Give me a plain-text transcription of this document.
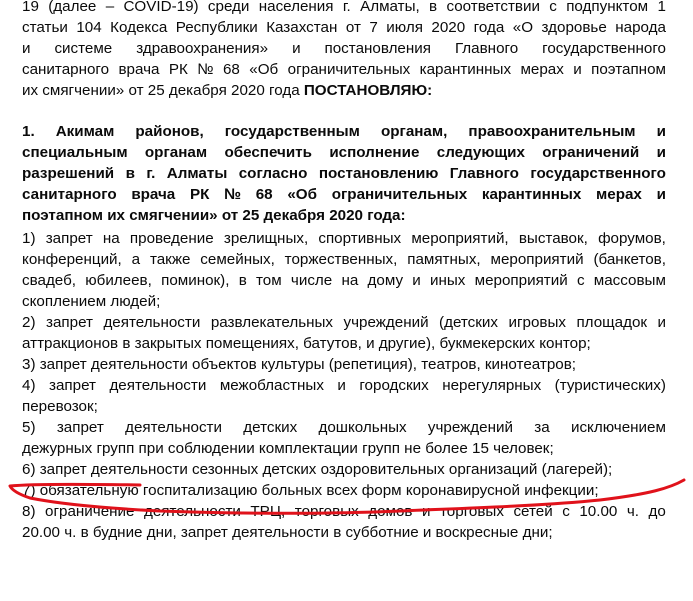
19 (далее – COVID-19) среди населения г. Алматы, в соответствии с подпунктом 1
статьи 104 Кодекса Республики Казахстан от 7 июля 2020 года «О здоровье народа
и системе здравоохранения» и постановления Главного государственного
санитарного врача РК № 68 «Об ограничительных карантинных мерах и поэтапном
их смягчении» от 25 декабря 2020 года ПОСТАНОВЛЯЮ:
1. Акимам районов, государственным органам, правоохранительным и
специальным органам обеспечить исполнение следующих ограничений и
разрешений в г. Алматы согласно постановлению Главного государственного
санитарного врача РК № 68 «Об ограничительных карантинных мерах и
поэтапном их смягчении» от 25 декабря 2020 года:
1) запрет на проведение зрелищных, спортивных мероприятий, выставок, форумов,
конференций, а также семейных, торжественных, памятных, мероприятий (банкетов,
свадеб, юбилеев, поминок), в том числе на дому и иных мероприятий с массовым
скоплением людей;
2) запрет деятельности развлекательных учреждений (детских игровых площадок и
аттракционов в закрытых помещениях, батутов, и другие), букмекерских контор;
3) запрет деятельности объектов культуры (репетиция), театров, кинотеатров;
4) запрет деятельности межобластных и городских нерегулярных (туристических)
перевозок;
5) запрет деятельности детских дошкольных учреждений за исключением
дежурных групп при соблюдении комплектации групп не более 15 человек;
6) запрет деятельности сезонных детских оздоровительных организаций (лагерей);
7) обязательную госпитализацию больных всех форм коронавирусной инфекции;
8) ограничение деятельности ТРЦ, торговых домов и торговых сетей с 10.00 ч. до
20.00 ч. в будние дни, запрет деятельности в субботние и воскресные дни;
